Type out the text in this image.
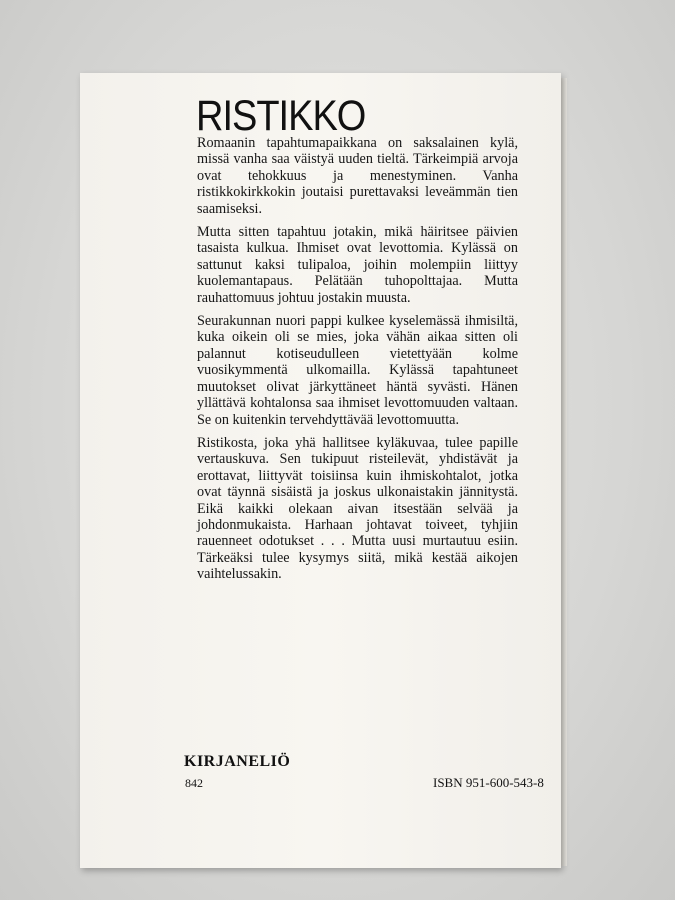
RISTIKKO

Romaanin tapahtumapaikkana on saksalainen kylä, missä vanha saa väistyä uuden tieltä. Tärkeimpiä arvoja ovat tehokkuus ja menestyminen. Vanha ristikkokirkkokin joutaisi purettavaksi leveämmän tien saamiseksi.

Mutta sitten tapahtuu jotakin, mikä häiritsee päivien tasaista kulkua. Ihmiset ovat levottomia. Kylässä on sattunut kaksi tulipaloa, joihin molempiin liittyy kuolemantapaus. Pelätään tuhopolttajaa. Mutta rauhattomuus johtuu jostakin muusta.

Seurakunnan nuori pappi kulkee kyselemässä ihmisiltä, kuka oikein oli se mies, joka vähän aikaa sitten oli palannut kotiseudulleen vietettyään kolme vuosikymmentä ulkomailla. Kylässä tapahtuneet muutokset olivat järkyttäneet häntä syvästi. Hänen yllättävä kohtalonsa saa ihmiset levottomuuden valtaan. Se on kuitenkin tervehdyttävää levottomuutta.

Ristikosta, joka yhä hallitsee kyläkuvaa, tulee papille vertauskuva. Sen tukipuut risteilevät, yhdistävät ja erottavat, liittyvät toisiinsa kuin ihmiskohtalot, jotka ovat täynnä sisäistä ja joskus ulkonaistakin jännitystä. Eikä kaikki olekaan aivan itsestään selvää ja johdonmukaista. Harhaan johtavat toiveet, tyhjiin rauenneet odotukset . . . Mutta uusi murtautuu esiin. Tärkeäksi tulee kysymys siitä, mikä kestää aikojen vaihtelussakin.

KIRJANELIÖ
842	ISBN 951-600-543-8
